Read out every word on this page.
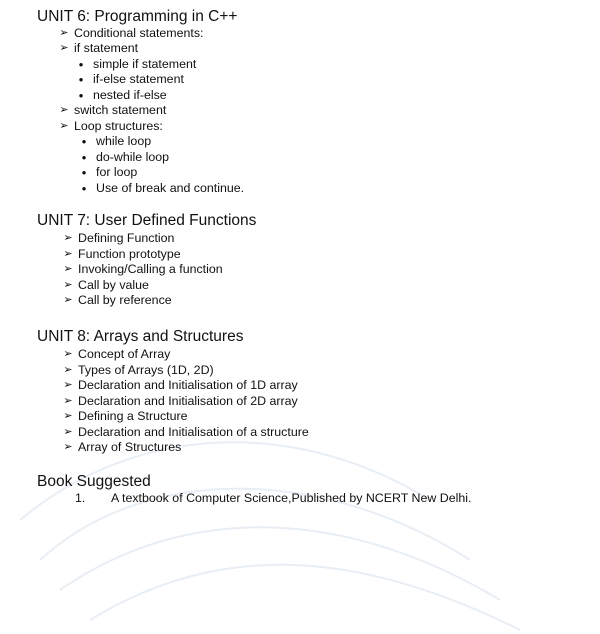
UNIT 6: Programming in C++
➢ Conditional statements:
➢ if statement
• simple if statement
• if-else statement
• nested if-else
➢ switch statement
➢ Loop structures:
• while loop
• do-while loop
• for loop
• Use of break and continue.
UNIT 7: User Defined Functions
➢ Defining Function
➢ Function prototype
➢ Invoking/Calling a function
➢ Call by value
➢ Call by reference
UNIT 8: Arrays and Structures
➢ Concept of Array
➢ Types of Arrays (1D, 2D)
➢ Declaration and Initialisation of 1D array
➢ Declaration and Initialisation of 2D array
➢ Defining a Structure
➢ Declaration and Initialisation of a structure
➢ Array of Structures
Book Suggested
1. A textbook of Computer Science,Published by NCERT New Delhi.
